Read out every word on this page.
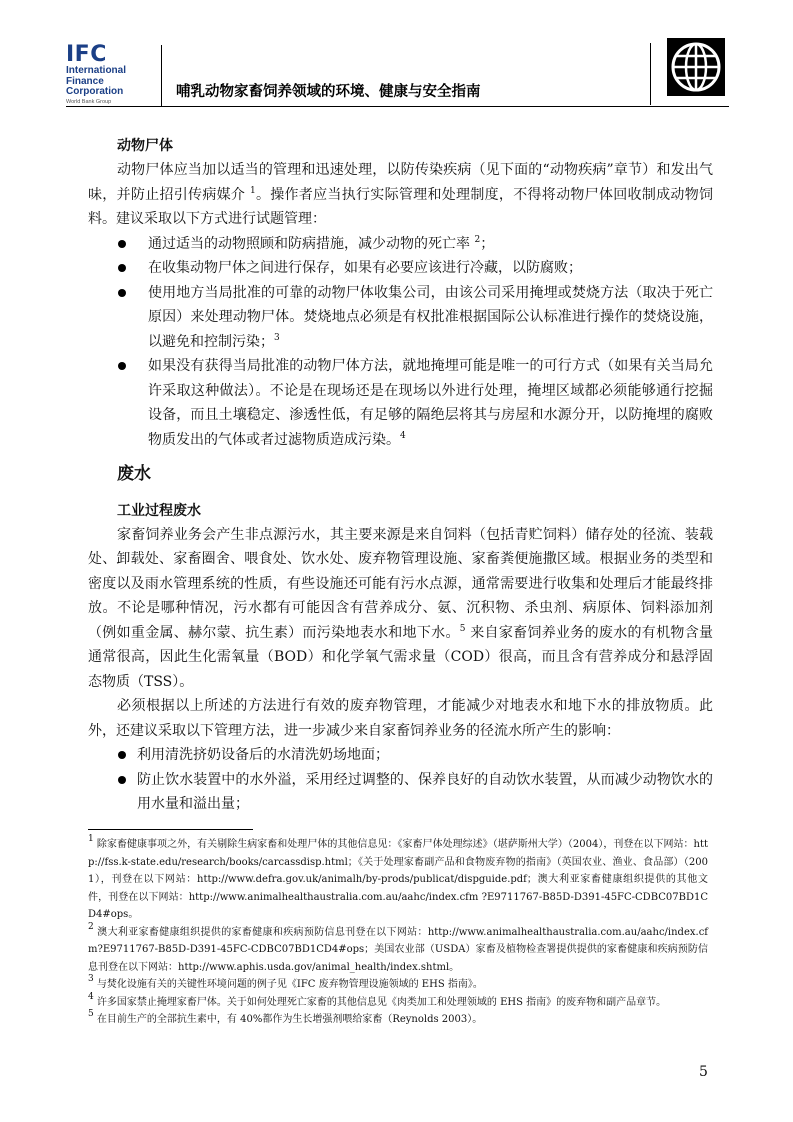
IFC
International
Finance
Corporation
World Bank Group
哺乳动物家畜饲养领域的环境、健康与安全指南
动物尸体

动物尸体应当加以适当的管理和迅速处理，以防传染疾病（见下面的“动物疾病”章节）和发出气味，并防止招引传病媒介 $^1$。操作者应当执行实际管理和处理制度，不得将动物尸体回收制成动物饲料。建议采取以下方式进行试题管理：

通过适当的动物照顾和防病措施，减少动物的死亡率 $^2$；
在收集动物尸体之间进行保存，如果有必要应该进行冷藏，以防腐败；
使用地方当局批准的可靠的动物尸体收集公司，由该公司采用掩埋或焚烧方法（取决于死亡原因）来处理动物尸体。焚烧地点必须是有权批准根据国际公认标准进行操作的焚烧设施，以避免和控制污染；$^3$
如果没有获得当局批准的动物尸体方法，就地掩埋可能是唯一的可行方式（如果有关当局允许采取这种做法）。不论是在现场还是在现场以外进行处理，掩埋区域都必须能够通行挖掘设备，而且土壤稳定、渗透性低，有足够的隔绝层将其与房屋和水源分开，以防掩埋的腐败物质发出的气体或者过滤物质造成污染。$^4$
废水
工业过程废水

家畜饲养业务会产生非点源污水，其主要来源是来自饲料（包括青贮饲料）储存处的径流、装载处、卸载处、家畜圈舍、喂食处、饮水处、废弃物管理设施、家畜粪便施撒区域。根据业务的类型和密度以及雨水管理系统的性质，有些设施还可能有污水点源，通常需要进行收集和处理后才能最终排放。不论是哪种情况，污水都有可能因含有营养成分、氨、沉积物、杀虫剂、病原体、饲料添加剂（例如重金属、赫尔蒙、抗生素）而污染地表水和地下水。$^5$ 来自家畜饲养业务的废水的有机物含量通常很高，因此生化需氧量（BOD）和化学氧气需求量（COD）很高，而且含有营养成分和悬浮固态物质（TSS）。

必须根据以上所述的方法进行有效的废弃物管理，才能减少对地表水和地下水的排放物质。此外，还建议采取以下管理方法，进一步减少来自家畜饲养业务的径流水所产生的影响：

利用清洗挤奶设备后的水清洗奶场地面；
防止饮水装置中的水外溢，采用经过调整的、保养良好的自动饮水装置，从而减少动物饮水的用水量和溢出量；

$^1$ 除家畜健康事项之外，有关剔除生病家畜和处理尸体的其他信息见：《家畜尸体处理综述》（堪萨斯州大学）（2004），刊登在以下网站：http://fss.k-state.edu/research/books/carcassdisp.html；《关于处理家畜副产品和食物废弃物的指南》（英国农业、渔业、食品部）（2001），刊登在以下网站：http://www.defra.gov.uk/animalh/by-prods/publicat/dispguide.pdf；澳大利亚家畜健康组织提供的其他文件，刊登在以下网站：http://www.animalhealthaustralia.com.au/aahc/index.cfm ?E9711767-B85D-D391-45FC-CDBC07BD1CD4#ops。

$^2$ 澳大利亚家畜健康组织提供的家畜健康和疾病预防信息刊登在以下网站：http://www.animalhealthaustralia.com.au/aahc/index.cfm?E9711767-B85D-D391-45FC-CDBC07BD1CD4#ops；美国农业部（USDA）家畜及植物检查署提供提供的家畜健康和疾病预防信息刊登在以下网站：http://www.aphis.usda.gov/animal_health/index.shtml。

$^3$ 与焚化设施有关的关键性环境问题的例子见《IFC 废弃物管理设施领域的 EHS 指南》。

$^4$ 许多国家禁止掩埋家畜尸体。关于如何处理死亡家畜的其他信息见《肉类加工和处理领域的 EHS 指南》的废弃物和副产品章节。

$^5$ 在目前生产的全部抗生素中，有 40%都作为生长增强剂喂给家畜（Reynolds 2003）。

5
